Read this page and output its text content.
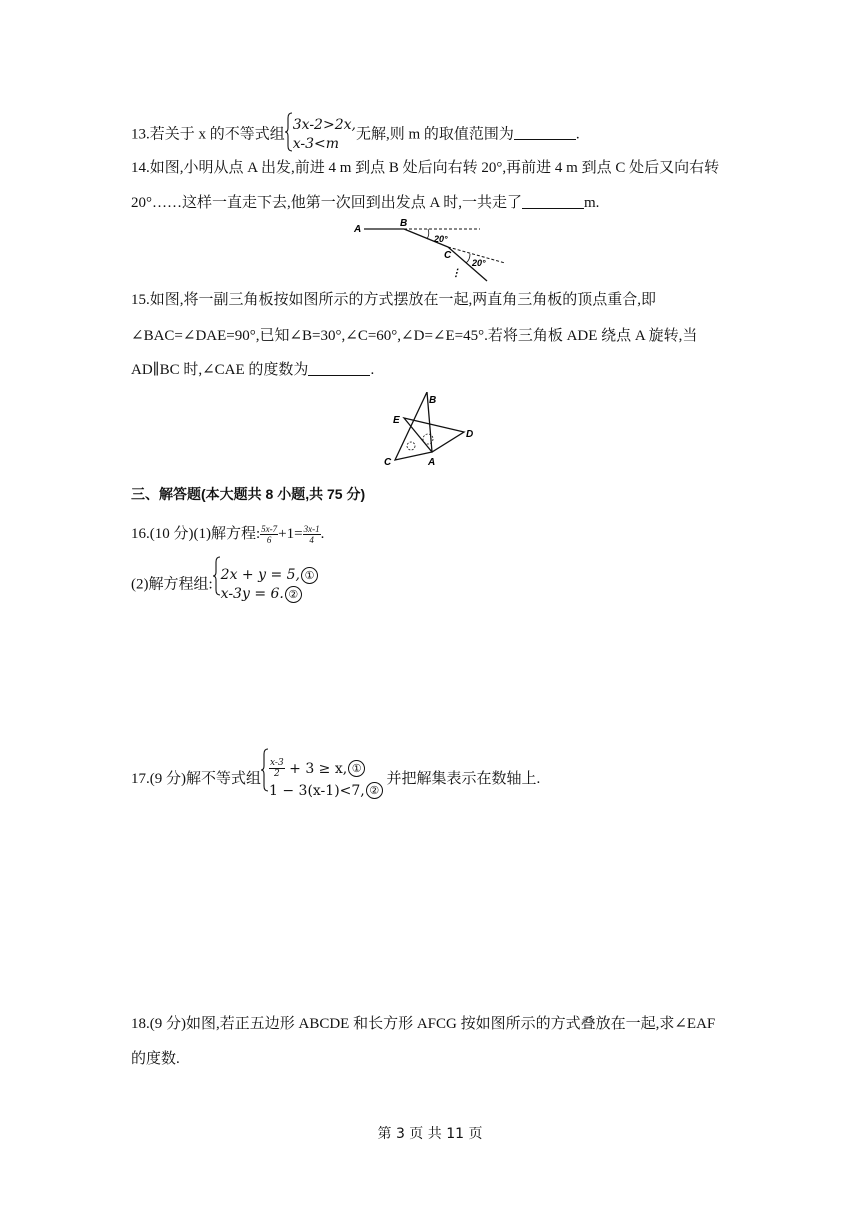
13.若关于 x 的不等式组
3x-2>2x,
x-3<m
无解,则 m 的取值范围为	.
14.如图,小明从点 A 出发,前进 4 m 到点 B 处后向右转 20°,再前进 4 m 到点 C 处后又向右转
20°……这样一直走下去,他第一次回到出发点 A 时,一共走了	m.
A
B
C
20°
20°
⋮
15.如图,将一副三角板按如图所示的方式摆放在一起,两直角三角板的顶点重合,即
∠BAC=∠DAE=90°,已知∠B=30°,∠C=60°,∠D=∠E=45°.若将三角板 ADE 绕点 A 旋转,当
AD∥BC 时,∠CAE 的度数为	.
B
E
D
C	A
三、解答题(本大题共 8 小题,共 75 分)
16.(10 分)(1)解方程: $\frac{5x-7}{6} +1= \frac{3x-1}{4}$ .
(2)解方程组:
2x + y = 5, ①
x-3y = 6. ②
17.(9 分)解不等式组 $\frac{x-3}{2} + 3 \ge x$, ①
1 − 3(x-1)<7, ②
并把解集表示在数轴上.
18.(9 分)如图,若正五边形 ABCDE 和长方形 AFCG 按如图所示的方式叠放在一起,求∠EAF
的度数.
第 3 页 共 11 页
